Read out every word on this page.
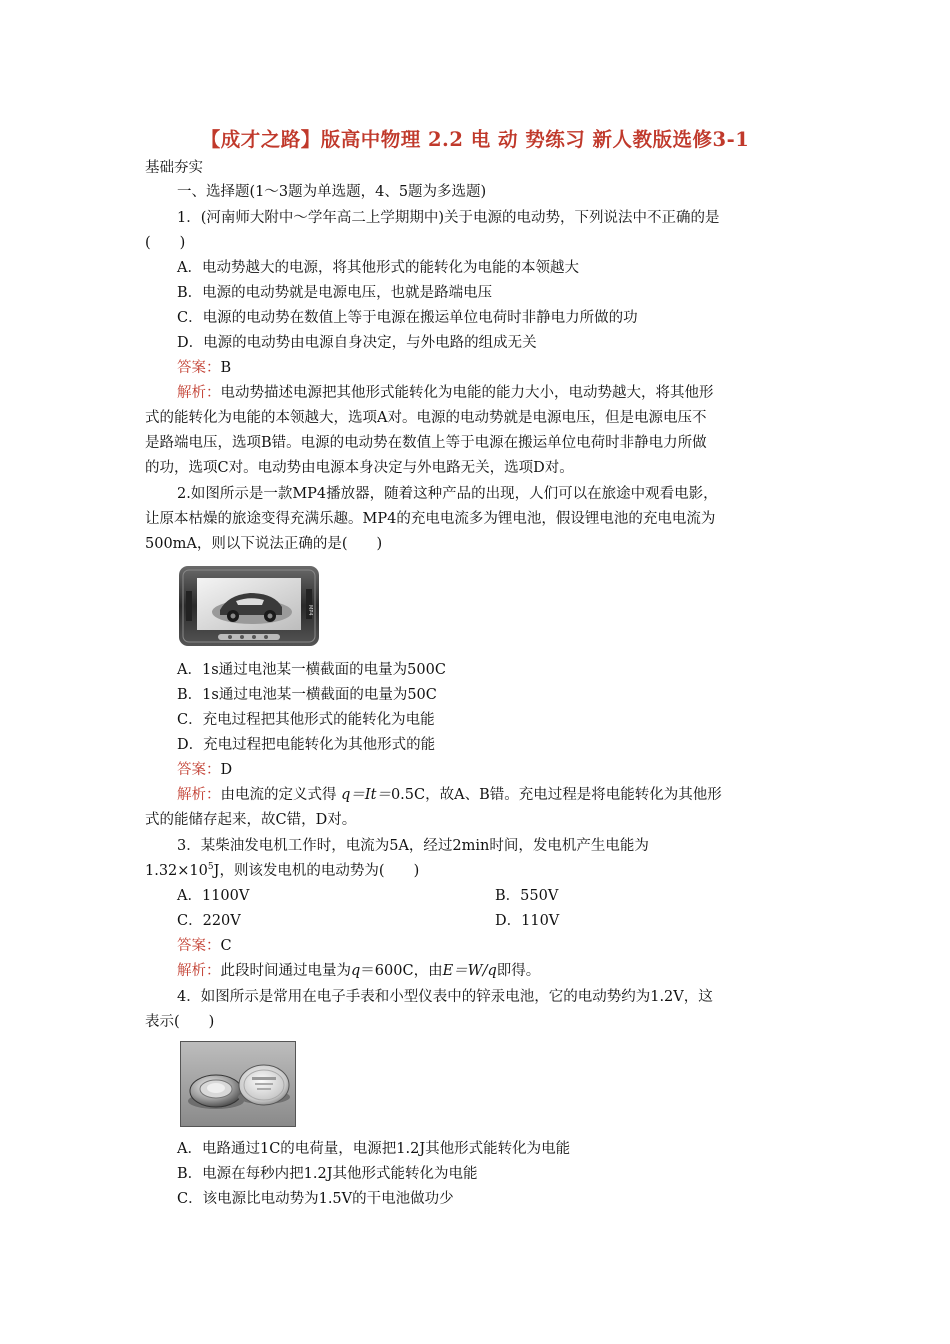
【成才之路】版高中物理 2.2 电 动 势练习 新人教版选修3-1
基础夯实
一、选择题(1～3题为单选题，4、5题为多选题)
1．(河南师大附中～学年高二上学期期中)关于电源的电动势，下列说法中不正确的是
(　　)
A．电动势越大的电源，将其他形式的能转化为电能的本领越大
B．电源的电动势就是电源电压，也就是路端电压
C．电源的电动势在数值上等于电源在搬运单位电荷时非静电力所做的功
D．电源的电动势由电源自身决定，与外电路的组成无关
答案：B
解析：电动势描述电源把其他形式能转化为电能的能力大小，电动势越大，将其他形
式的能转化为电能的本领越大，选项A对。电源的电动势就是电源电压，但是电源电压不
是路端电压，选项B错。电源的电动势在数值上等于电源在搬运单位电荷时非静电力所做
的功，选项C对。电动势由电源本身决定与外电路无关，选项D对。
2.如图所示是一款MP4播放器，随着这种产品的出现，人们可以在旅途中观看电影，
让原本枯燥的旅途变得充满乐趣。MP4的充电电流多为锂电池，假设锂电池的充电电流为
500mA，则以下说法正确的是(　　)
MP4
A．1s通过电池某一横截面的电量为500C
B．1s通过电池某一横截面的电量为50C
C．充电过程把其他形式的能转化为电能
D．充电过程把电能转化为其他形式的能
答案：D
解析：由电流的定义式得 q＝It＝0.5C，故A、B错。充电过程是将电能转化为其他形
式的能储存起来，故C错，D对。
3．某柴油发电机工作时，电流为5A，经过2min时间，发电机产生电能为
$1.32\times 10^5J$，则该发电机的电动势为(　　)
A．1100V	B．550V
C．220V	D．110V
答案：C
解析：此段时间通过电量为q＝600C，由E＝W/q即得。
4．如图所示是常用在电子手表和小型仪表中的锌汞电池，它的电动势约为1.2V，这
表示(　　)
A．电路通过1C的电荷量，电源把1.2J其他形式能转化为电能
B．电源在每秒内把1.2J其他形式能转化为电能
C．该电源比电动势为1.5V的干电池做功少
